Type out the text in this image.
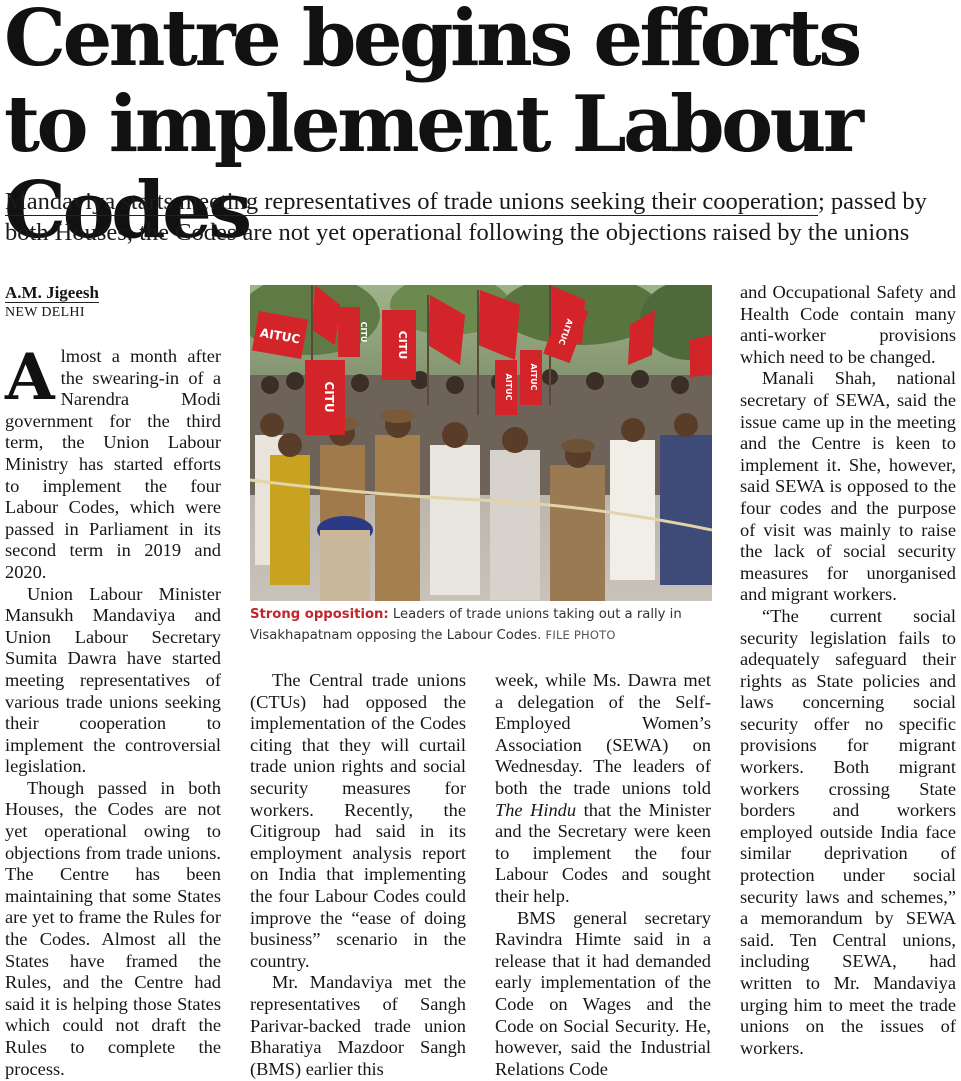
Centre begins efforts to implement Labour Codes
Mandaviya starts meeting representatives of trade unions seeking their cooperation; passed by both Houses, the Codes are not yet operational following the objections raised by the unions
A.M. Jigeesh
NEW DELHI

Almost a month after the swearing-in of a Narendra Modi government for the third term, the Union Labour Ministry has started efforts to implement the four Labour Codes, which were passed in Parliament in its second term in 2019 and 2020.

Union Labour Minister Mansukh Mandaviya and Union Labour Secretary Sumita Dawra have started meeting representatives of various trade unions seeking their cooperation to implement the controversial legislation.

Though passed in both Houses, the Codes are not yet operational owing to objections from trade unions. The Centre has been maintaining that some States are yet to frame the Rules for the Codes. Almost all the States have framed the Rules, and the Centre had said it is helping those States which could not draft the Rules to complete the process.

AITUC	CITU	CITU
AITUC AITUC
AITUC
CITU
Strong opposition: Leaders of trade unions taking out a rally in Visakhapatnam opposing the Labour Codes. FILE PHOTO

The Central trade unions (CTUs) had opposed the implementation of the Codes citing that they will curtail trade union rights and social security measures for workers. Recently, the Citigroup had said in its employment analysis report on India that implementing the four Labour Codes could improve the “ease of doing business” scenario in the country.

Mr. Mandaviya met the representatives of Sangh Parivar-backed trade union Bharatiya Mazdoor Sangh (BMS) earlier this

week, while Ms. Dawra met a delegation of the Self-Employed Women’s Association (SEWA) on Wednesday. The leaders of both the trade unions told The Hindu that the Minister and the Secretary were keen to implement the four Labour Codes and sought their help.

BMS general secretary Ravindra Himte said in a release that it had demanded early implementation of the Code on Wages and the Code on Social Security. He, however, said the Industrial Relations Code

and Occupational Safety and Health Code contain many anti-worker provisions which need to be changed.

Manali Shah, national secretary of SEWA, said the issue came up in the meeting and the Centre is keen to implement it. She, however, said SEWA is opposed to the four codes and the purpose of visit was mainly to raise the lack of social security measures for unorganised and migrant workers.

“The current social security legislation fails to adequately safeguard their rights as State policies and laws concerning social security offer no specific provisions for migrant workers. Both migrant workers crossing State borders and workers employed outside India face similar deprivation of protection under social security laws and schemes,” a memorandum by SEWA said. Ten Central unions, including SEWA, had written to Mr. Mandaviya urging him to meet the trade unions on the issues of workers.
